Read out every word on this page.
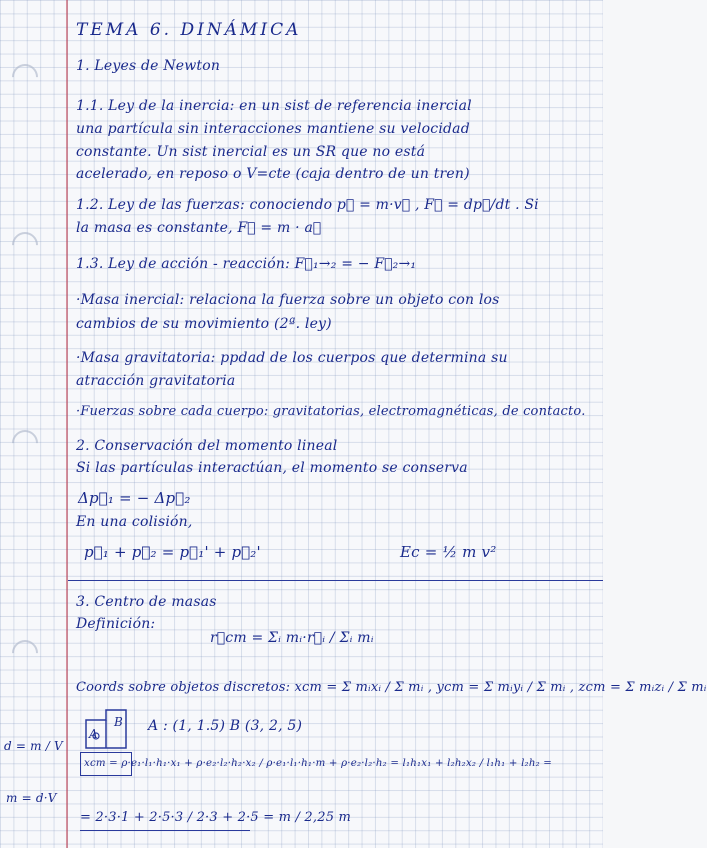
TEMA 6. DINÁMICA
1. Leyes de Newton
1.1. Ley de la inercia: en un sist de referencia inercial
una partícula sin interacciones mantiene su velocidad
constante. Un sist inercial es un SR que no está
acelerado, en reposo o V=cte (caja dentro de un tren)
1.2. Ley de las fuerzas: conociendo p⃗ = m·v⃗ , F⃗ = dp⃗/dt . Si
la masa es constante, F⃗ = m · a⃗
1.3. Ley de acción - reacción: F⃗₁→₂ = − F⃗₂→₁
·Masa inercial: relaciona la fuerza sobre un objeto con los
cambios de su movimiento (2ª. ley)
·Masa gravitatoria: ppdad de los cuerpos que determina su
atracción gravitatoria
·Fuerzas sobre cada cuerpo: gravitatorias, electromagnéticas, de contacto.
2. Conservación del momento lineal
Si las partículas interactúan, el momento se conserva
Δp⃗₁ = − Δp⃗₂
En una colisión,
p⃗₁ + p⃗₂ = p⃗₁' + p⃗₂'	Ec = ½ m v²
3. Centro de masas
Definición:
r⃗cm = Σᵢ mᵢ·r⃗ᵢ / Σᵢ mᵢ
Coords sobre objetos discretos: xcm = Σ mᵢxᵢ / Σ mᵢ , ycm = Σ mᵢyᵢ / Σ mᵢ , zcm = Σ mᵢzᵢ / Σ mᵢ
A
B A : (1, 1.5) B (3, 2, 5)
xcm = ρ·e₁·l₁·h₁·x₁ + ρ·e₂·l₂·h₂·x₂ / ρ·e₁·l₁·h₁·m + ρ·e₂·l₂·h₂ = l₁h₁x₁ + l₂h₂x₂ / l₁h₁ + l₂h₂ =
= 2·3·1 + 2·5·3 / 2·3 + 2·5 = m / 2,25 m
d = m / V
m = d·V
